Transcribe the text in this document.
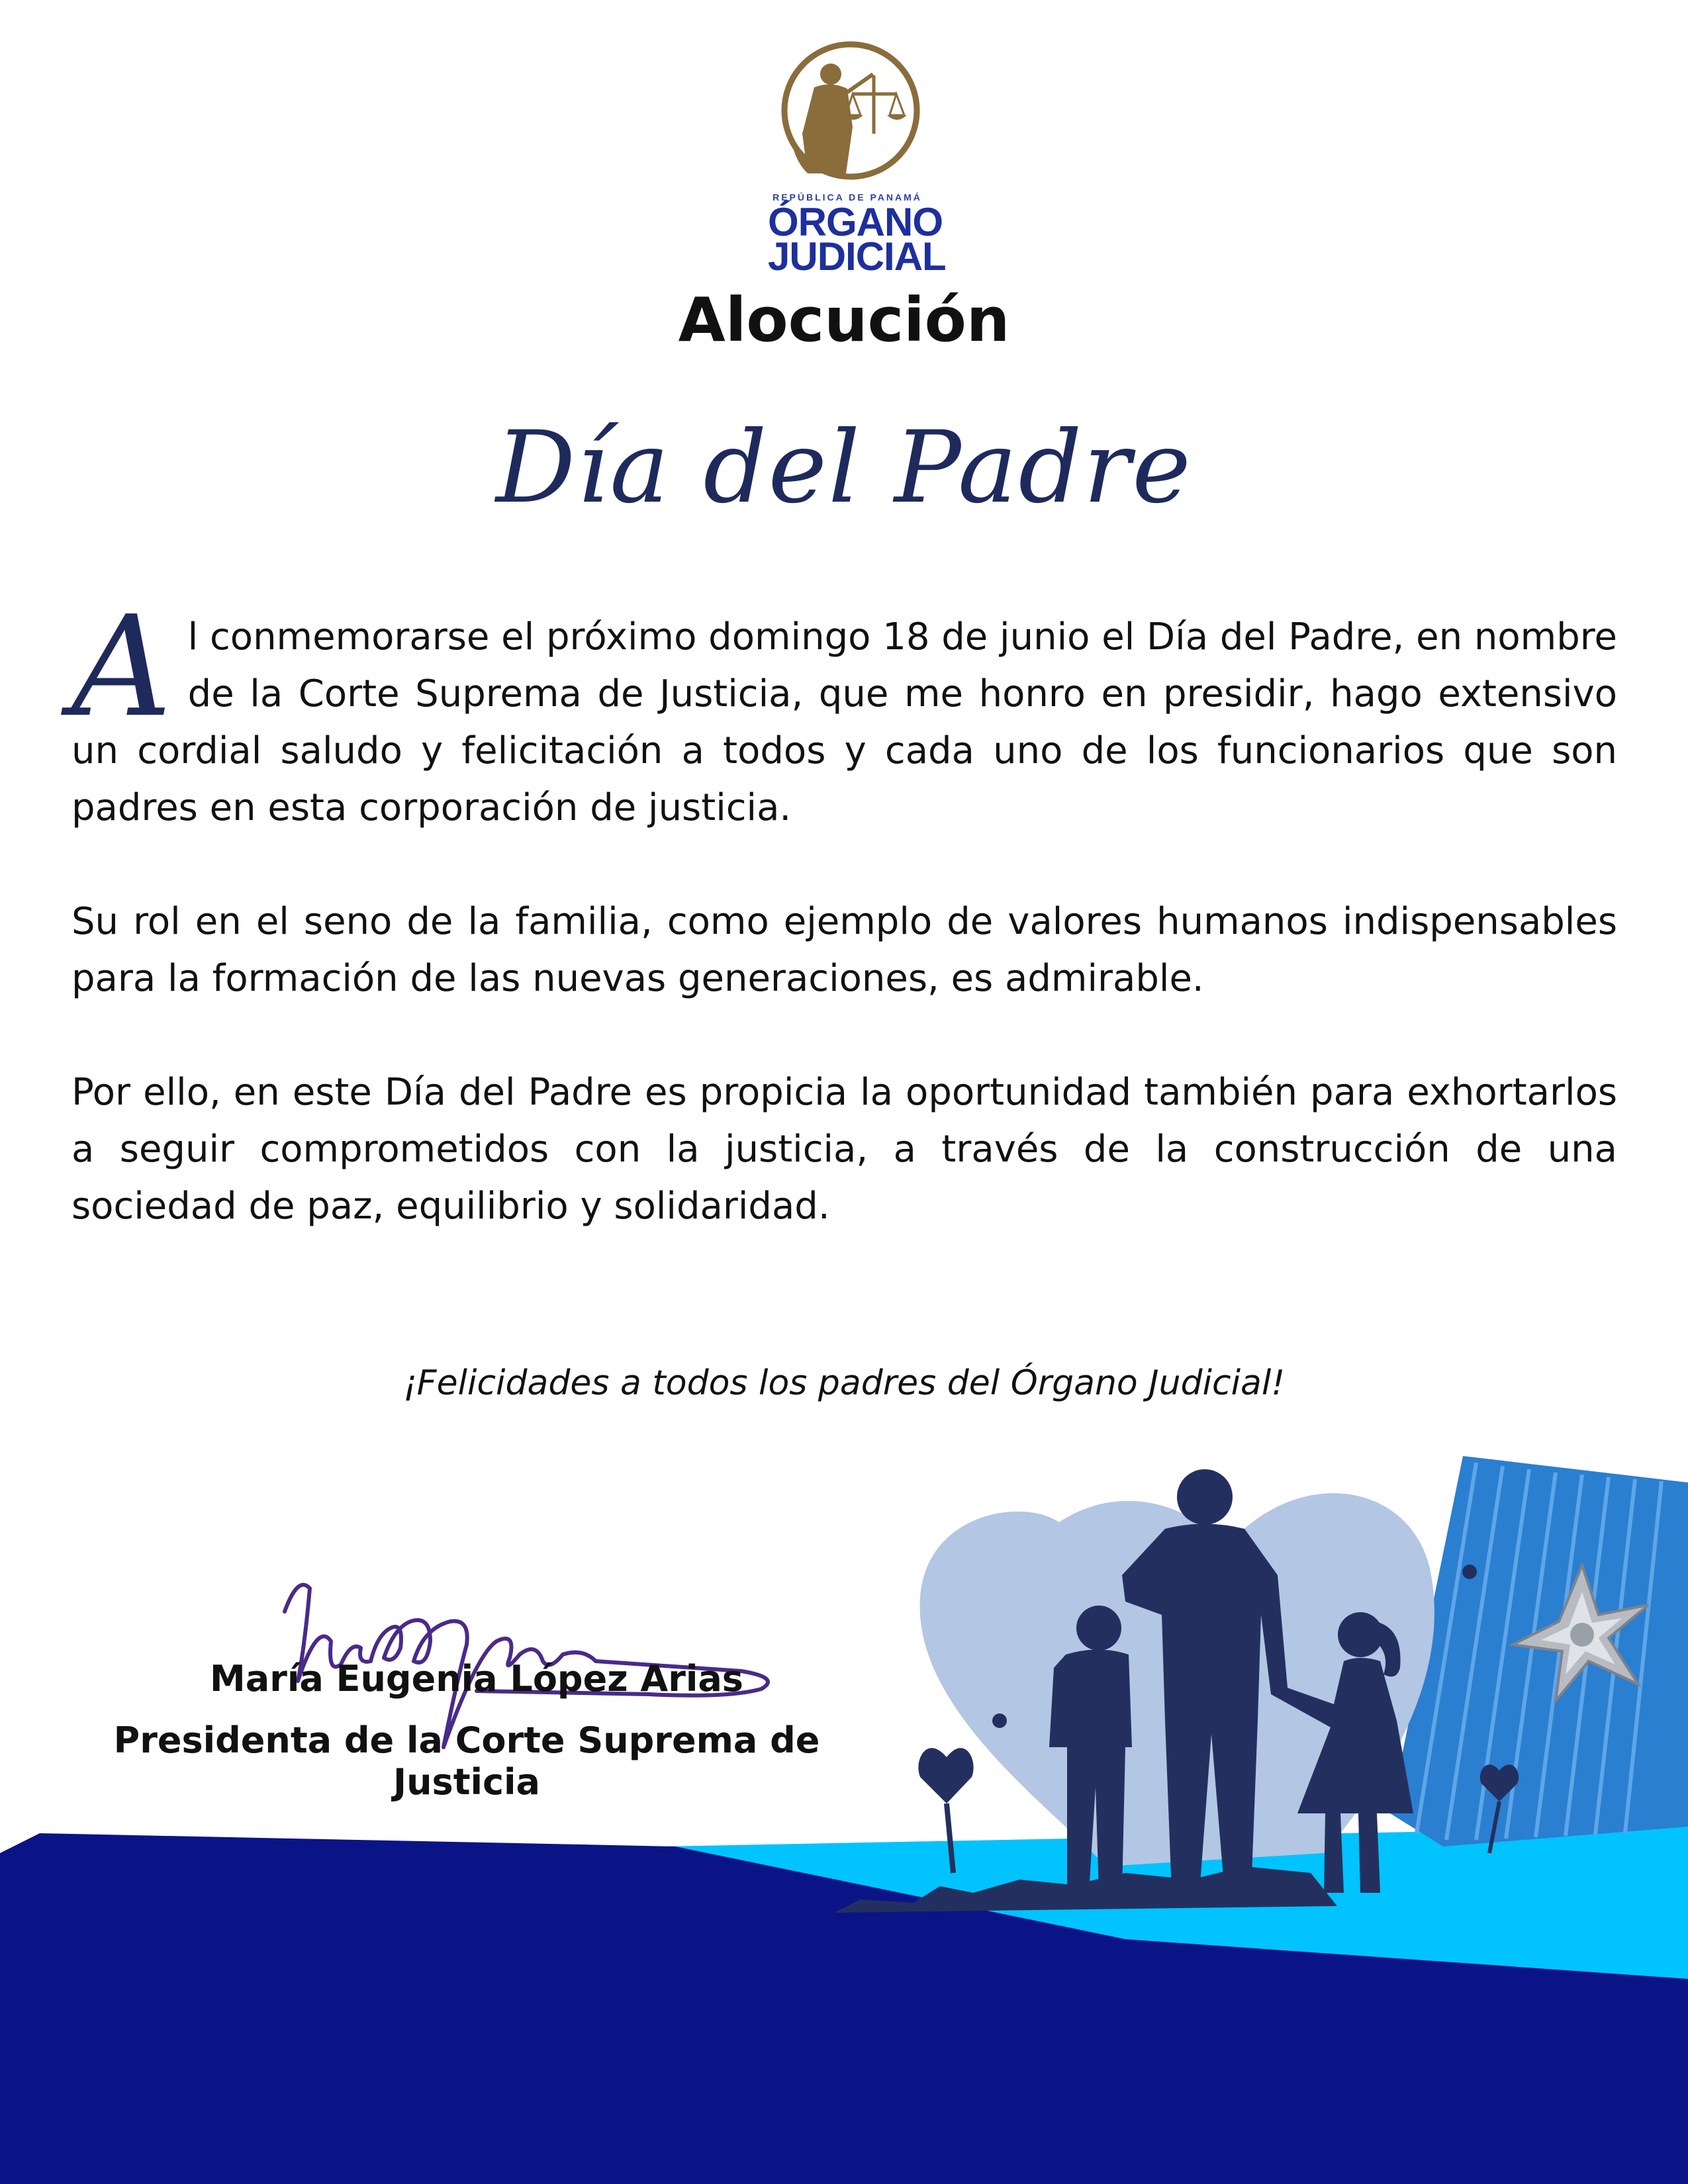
REPÚBLICA DE PANAMÁ
ÓRGANO
JUDICIAL
Alocución
Día del Padre

Al conmemorarse el próximo domingo 18 de junio el Día del Padre, en nombre de la Corte Suprema de Justicia, que me honro en presidir, hago extensivo un cordial saludo y felicitación a todos y cada uno de los funcionarios que son padres en esta corporación de justicia.

Su rol en el seno de la familia, como ejemplo de valores humanos indispensables para la formación de las nuevas generaciones, es admirable.

Por ello, en este Día del Padre es propicia la oportunidad también para exhortarlos a seguir comprometidos con la justicia, a través de la construcción de una sociedad de paz, equilibrio y solidaridad.

¡Felicidades a todos los padres del Órgano Judicial!
María Eugenia López Arias
Presidenta de la Corte Suprema de Justicia
